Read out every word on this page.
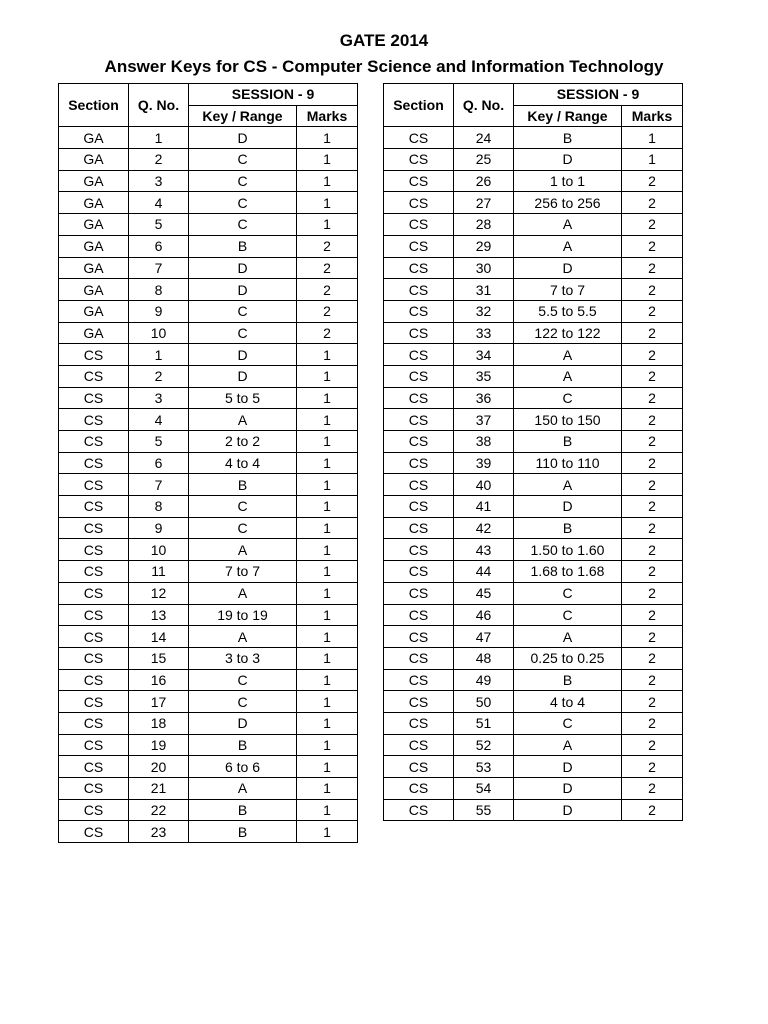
GATE 2014
Answer Keys for CS - Computer Science and Information Technology
Section	Q. No.	SESSION - 9	
		Key / Range	Marks
GA	1	D	1
GA	2	C	1
GA	3	C	1
GA	4	C	1
GA	5	C	1
GA	6	B	2
GA	7	D	2
GA	8	D	2
GA	9	C	2
GA	10	C	2
CS	1	D	1
CS	2	D	1
CS	3	5 to 5	1
CS	4	A	1
CS	5	2 to 2	1
CS	6	4 to 4	1
CS	7	B	1
CS	8	C	1
CS	9	C	1
CS	10	A	1
CS	11	7 to 7	1
CS	12	A	1
CS	13	19 to 19	1
CS	14	A	1
CS	15	3 to 3	1
CS	16	C	1
CS	17	C	1
CS	18	D	1
CS	19	B	1
CS	20	6 to 6	1
CS	21	A	1
CS	22	B	1
CS	23	B	1
Section	Q. No.	SESSION - 9	
		Key / Range	Marks
CS	24	B	1
CS	25	D	1
CS	26	1 to 1	2
CS	27	256 to 256	2
CS	28	A	2
CS	29	A	2
CS	30	D	2
CS	31	7 to 7	2
CS	32	5.5 to 5.5	2
CS	33	122 to 122	2
CS	34	A	2
CS	35	A	2
CS	36	C	2
CS	37	150 to 150	2
CS	38	B	2
CS	39	110 to 110	2
CS	40	A	2
CS	41	D	2
CS	42	B	2
CS	43	1.50 to 1.60	2
CS	44	1.68 to 1.68	2
CS	45	C	2
CS	46	C	2
CS	47	A	2
CS	48	0.25 to 0.25	2
CS	49	B	2
CS	50	4 to 4	2
CS	51	C	2
CS	52	A	2
CS	53	D	2
CS	54	D	2
CS	55	D	2
